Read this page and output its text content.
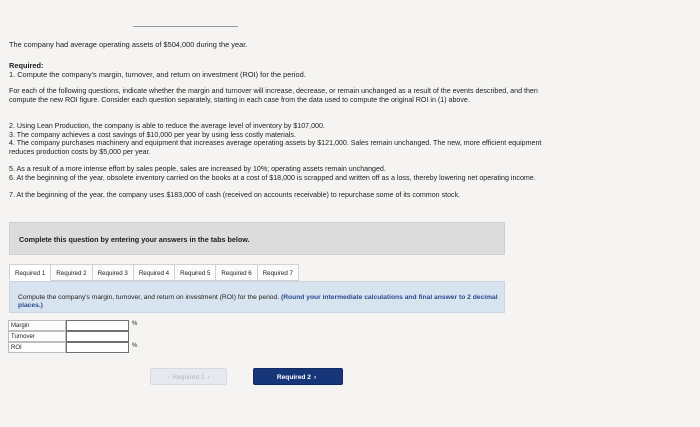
The company had average operating assets of $504,000 during the year.
Required:
1. Compute the company's margin, turnover, and return on investment (ROI) for the period.
For each of the following questions, indicate whether the margin and turnover will increase, decrease, or remain unchanged as a result of the events described, and then compute the new ROI figure. Consider each question separately, starting in each case from the data used to compute the original ROI in (1) above.
2. Using Lean Production, the company is able to reduce the average level of inventory by $107,000.
3. The company achieves a cost savings of $10,000 per year by using less costly materials.
4. The company purchases machinery and equipment that increases average operating assets by $121,000. Sales remain unchanged. The new, more efficient equipment reduces production costs by $5,000 per year.
5. As a result of a more intense effort by sales people, sales are increased by 10%; operating assets remain unchanged.
6. At the beginning of the year, obsolete inventory carried on the books at a cost of $18,000 is scrapped and written off as a loss, thereby lowering net operating income.
7. At the beginning of the year, the company uses $183,000 of cash (received on accounts receivable) to repurchase some of its common stock.
Complete this question by entering your answers in the tabs below.
Required 1	Required 2	Required 3	Required 4	Required 5	Required 6	Required 7
Compute the company's margin, turnover, and return on investment (ROI) for the period. (Round your intermediate calculations and final answer to 2 decimal places.)
Margin	%
Turnover
ROI	%
‹ Required 1 ›	Required 2 ›
